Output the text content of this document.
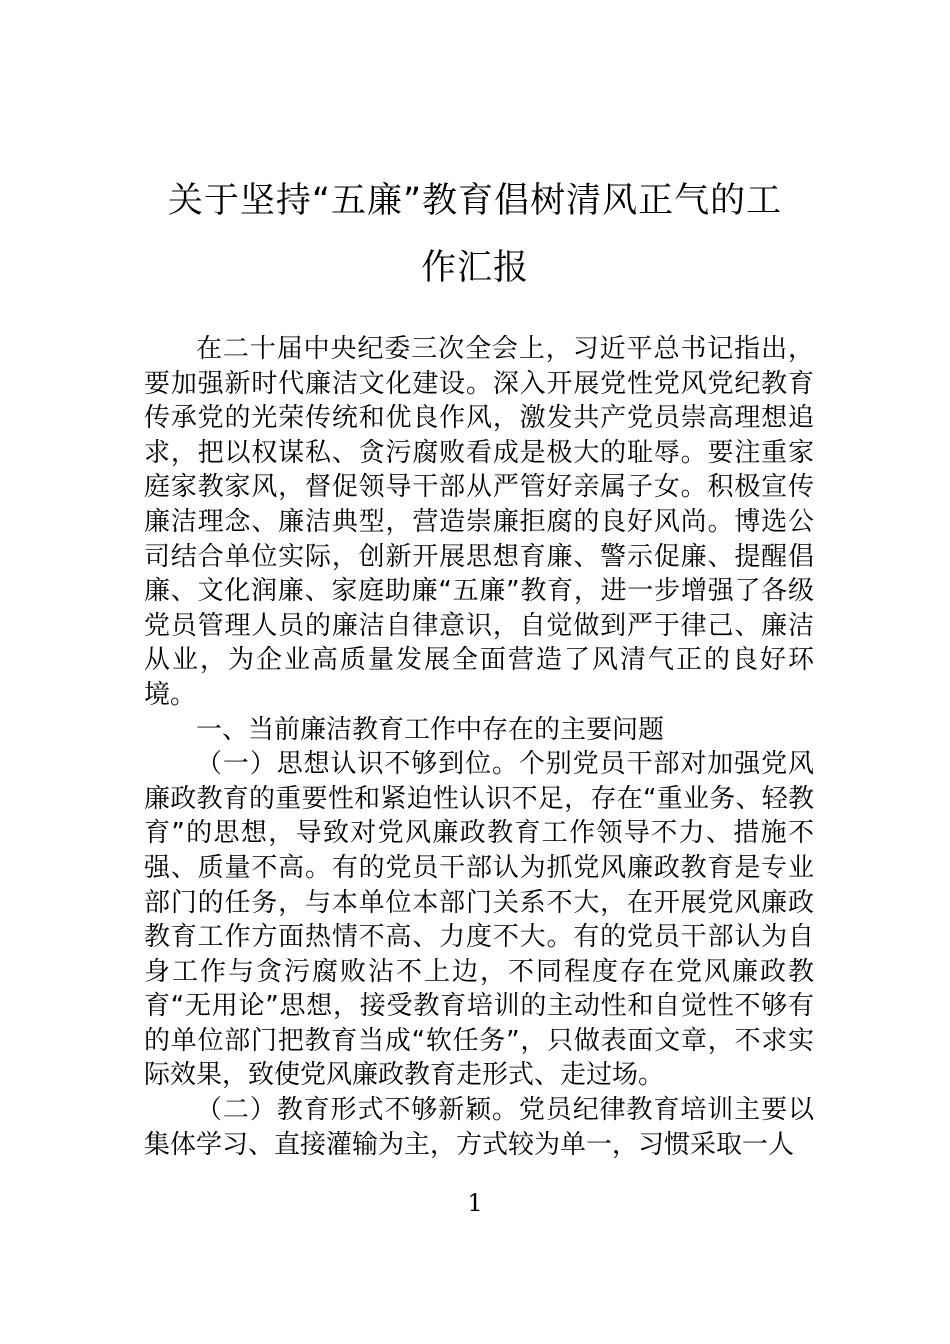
关于坚持“五廉”教育倡树清风正气的工
作汇报

在二十届中央纪委三次全会上，习近平总书记指出，要加强新时代廉洁文化建设。深入开展党性党风党纪教育传承党的光荣传统和优良作风，激发共产党员崇高理想追求，把以权谋私、贪污腐败看成是极大的耻辱。要注重家庭家教家风，督促领导干部从严管好亲属子女。积极宣传廉洁理念、廉洁典型，营造崇廉拒腐的良好风尚。博选公司结合单位实际，创新开展思想育廉、警示促廉、提醒倡廉、文化润廉、家庭助廉“五廉”教育，进一步增强了各级党员管理人员的廉洁自律意识，自觉做到严于律己、廉洁从业，为企业高质量发展全面营造了风清气正的良好环境。

一、当前廉洁教育工作中存在的主要问题

（一）思想认识不够到位。个别党员干部对加强党风廉政教育的重要性和紧迫性认识不足，存在“重业务、轻教育”的思想，导致对党风廉政教育工作领导不力、措施不强、质量不高。有的党员干部认为抓党风廉政教育是专业部门的任务，与本单位本部门关系不大，在开展党风廉政教育工作方面热情不高、力度不大。有的党员干部认为自身工作与贪污腐败沾不上边，不同程度存在党风廉政教育“无用论”思想，接受教育培训的主动性和自觉性不够有的单位部门把教育当成“软任务”，只做表面文章，不求实际效果，致使党风廉政教育走形式、走过场。

（二）教育形式不够新颖。党员纪律教育培训主要以集体学习、直接灌输为主，方式较为单一，习惯采取一人

1
